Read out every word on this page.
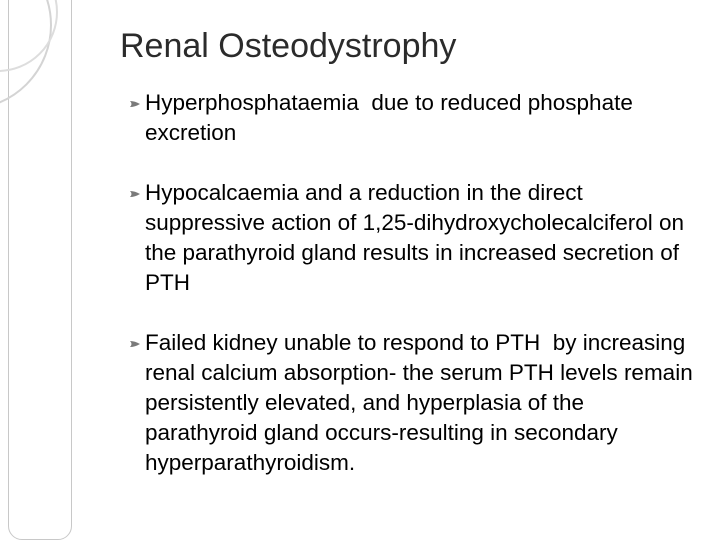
Renal Osteodystrophy
Hyperphosphataemia  due to reduced phosphate excretion
Hypocalcaemia and a reduction in the direct suppressive action of 1,25-dihydroxycholecalciferol on the parathyroid gland results in increased secretion of PTH
Failed kidney unable to respond to PTH  by increasing renal calcium absorption- the serum PTH levels remain persistently elevated, and hyperplasia of the parathyroid gland occurs-resulting in secondary hyperparathyroidism.
